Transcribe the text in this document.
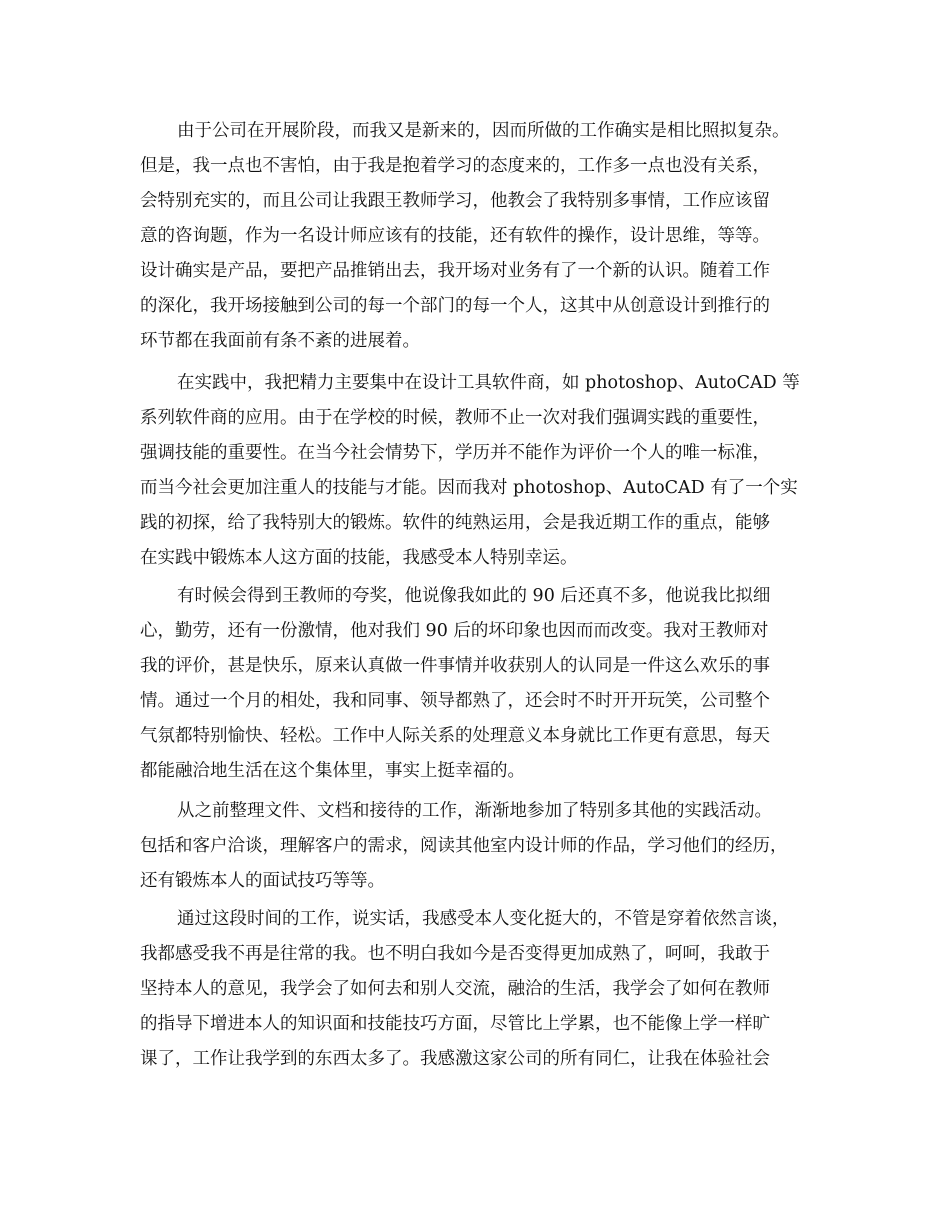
由于公司在开展阶段，而我又是新来的，因而所做的工作确实是相比照拟复杂。
但是，我一点也不害怕，由于我是抱着学习的态度来的，工作多一点也没有关系，
会特别充实的，而且公司让我跟王教师学习，他教会了我特别多事情，工作应该留
意的咨询题，作为一名设计师应该有的技能，还有软件的操作，设计思维，等等。
设计确实是产品，要把产品推销出去，我开场对业务有了一个新的认识。随着工作
的深化，我开场接触到公司的每一个部门的每一个人，这其中从创意设计到推行的
环节都在我面前有条不紊的进展着。
在实践中，我把精力主要集中在设计工具软件商，如 photoshop、AutoCAD 等
系列软件商的应用。由于在学校的时候，教师不止一次对我们强调实践的重要性，
强调技能的重要性。在当今社会情势下，学历并不能作为评价一个人的唯一标准，
而当今社会更加注重人的技能与才能。因而我对 photoshop、AutoCAD 有了一个实
践的初探，给了我特别大的锻炼。软件的纯熟运用，会是我近期工作的重点，能够
在实践中锻炼本人这方面的技能，我感受本人特别幸运。
有时候会得到王教师的夸奖，他说像我如此的 90 后还真不多，他说我比拟细
心，勤劳，还有一份激情，他对我们 90 后的坏印象也因而而改变。我对王教师对
我的评价，甚是快乐，原来认真做一件事情并收获别人的认同是一件这么欢乐的事
情。通过一个月的相处，我和同事、领导都熟了，还会时不时开开玩笑，公司整个
气氛都特别愉快、轻松。工作中人际关系的处理意义本身就比工作更有意思，每天
都能融洽地生活在这个集体里，事实上挺幸福的。
从之前整理文件、文档和接待的工作，渐渐地参加了特别多其他的实践活动。
包括和客户洽谈，理解客户的需求，阅读其他室内设计师的作品，学习他们的经历，
还有锻炼本人的面试技巧等等。
通过这段时间的工作，说实话，我感受本人变化挺大的，不管是穿着依然言谈，
我都感受我不再是往常的我。也不明白我如今是否变得更加成熟了，呵呵，我敢于
坚持本人的意见，我学会了如何去和别人交流，融洽的生活，我学会了如何在教师
的指导下增进本人的知识面和技能技巧方面，尽管比上学累，也不能像上学一样旷
课了，工作让我学到的东西太多了。我感激这家公司的所有同仁，让我在体验社会
